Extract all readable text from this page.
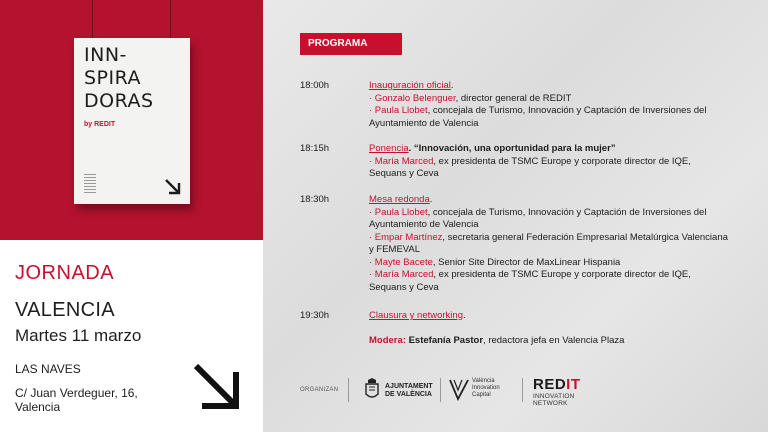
INN-
SPIRA
DORAS
by REDIT
JORNADA
VALENCIA
Martes 11 marzo
LAS NAVES
C/ Juan Verdeguer, 16, Valencia
PROGRAMA
18:00h	Inauguración oficial.
· Gonzalo Belenguer, director general de REDIT
· Paula Llobet, concejala de Turismo, Innovación y Captación de Inversiones del Ayuntamiento de Valencia
18:15h	Ponencia. “Innovación, una oportunidad para la mujer”
· María Marced, ex presidenta de TSMC Europe y corporate director de IQE, Sequans y Ceva
18:30h	Mesa redonda.
· Paula Llobet, concejala de Turismo, Innovación y Captación de Inversiones del Ayuntamiento de Valencia
· Empar Martínez, secretaria general Federación Empresarial Metalúrgica Valenciana y FEMEVAL
· Mayte Bacete, Senior Site Director de MaxLinear Hispania
· María Marced, ex presidenta de TSMC Europe y corporate director de IQE, Sequans y Ceva
19:30h	Clausura y networking.
Modera: Estefanía Pastor, redactora jefa en Valencia Plaza
ORGANIZAN	AJUNTAMENT
DE VALÈNCIA
València
Innovation
Capital
REDIT
INNOVATION NETWORK
